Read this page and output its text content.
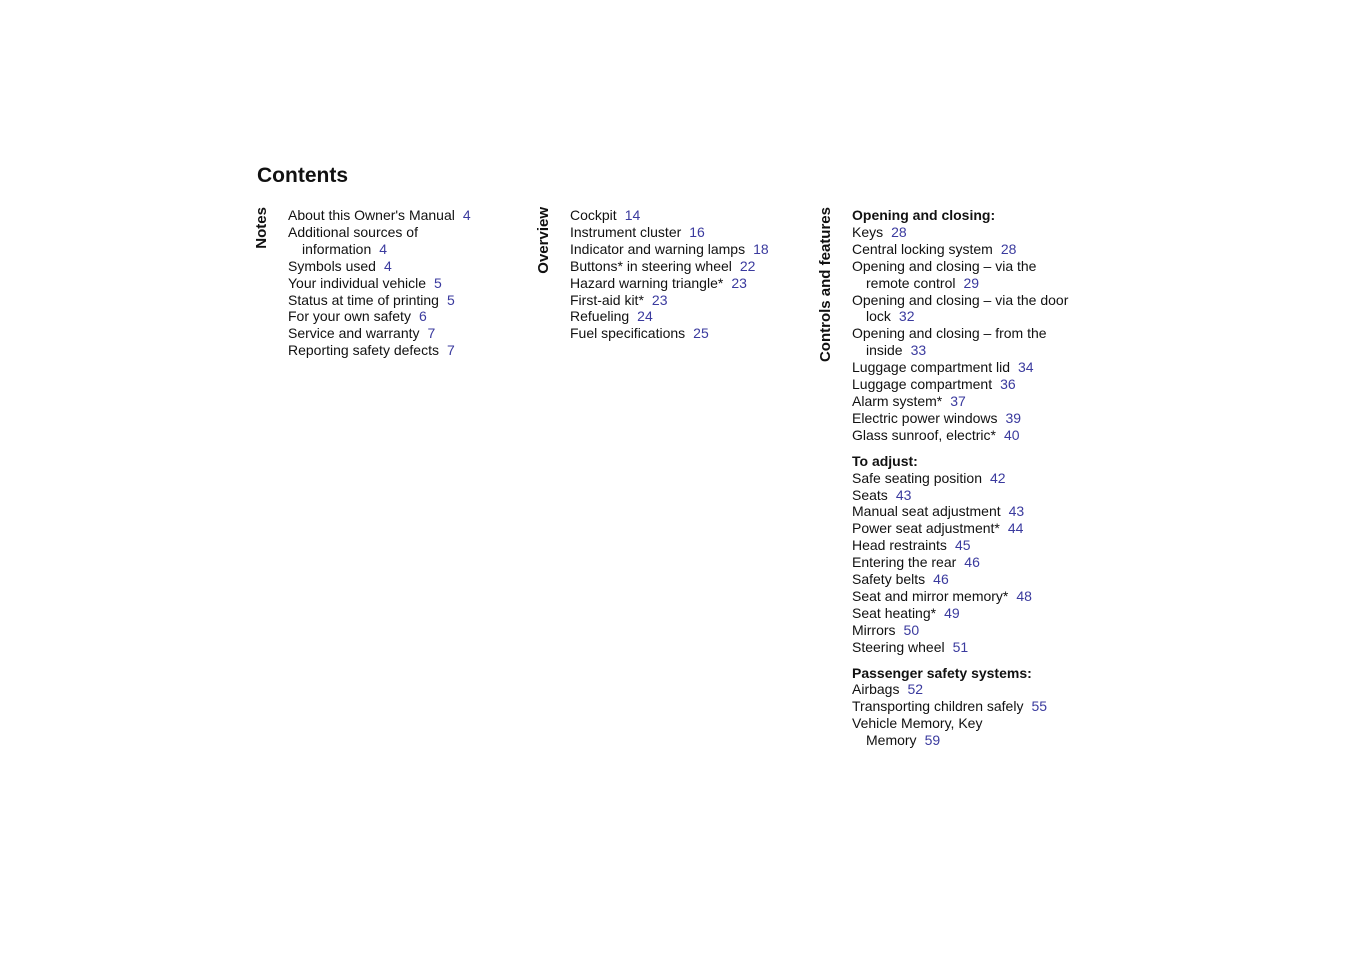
Contents
Notes About this Owner's Manual 4
Additional sources of information 4
Symbols used 4
Your individual vehicle 5
Status at time of printing 5
For your own safety 6
Service and warranty 7
Reporting safety defects 7
Overview Cockpit 14
Instrument cluster 16
Indicator and warning lamps 18
Buttons* in steering wheel 22
Hazard warning triangle* 23
First-aid kit* 23
Refueling 24
Fuel specifications 25	Controls and features Opening and closing:
Keys 28
Central locking system 28
Opening and closing – via the remote control 29
Opening and closing – via the door lock 32
Opening and closing – from the inside 33
Luggage compartment lid 34
Luggage compartment 36
Alarm system* 37
Electric power windows 39
Glass sunroof, electric* 40
To adjust:
Safe seating position 42
Seats 43
Manual seat adjustment 43
Power seat adjustment* 44
Head restraints 45
Entering the rear 46
Safety belts 46
Seat and mirror memory* 48
Seat heating* 49
Mirrors 50
Steering wheel 51
Passenger safety systems:
Airbags 52
Transporting children safely 55
Vehicle Memory, Key Memory 59
